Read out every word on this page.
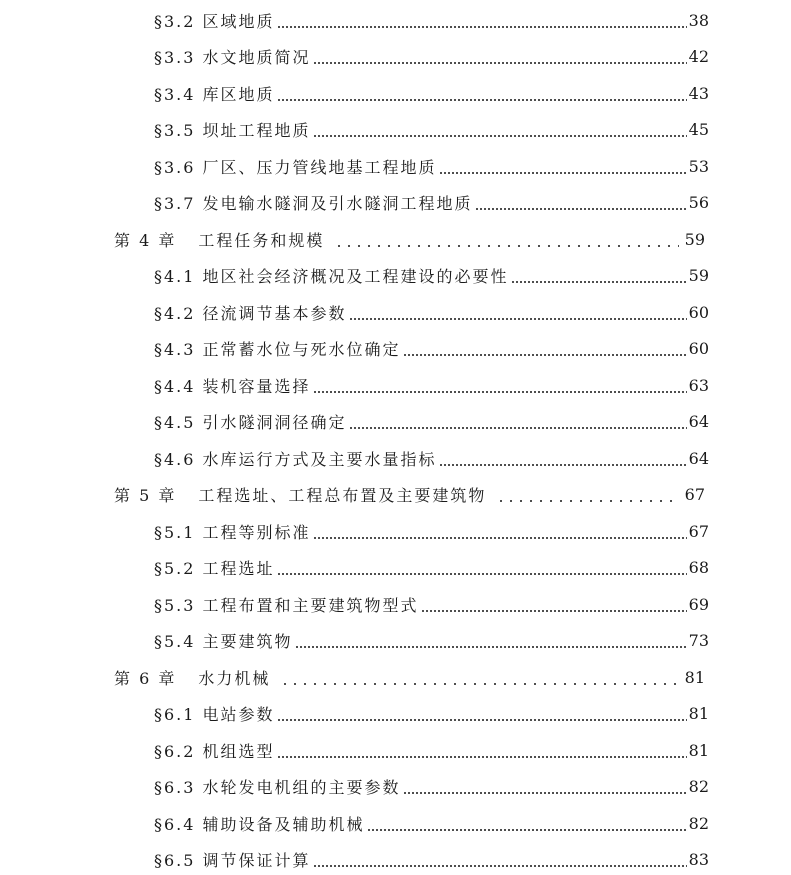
§3.2 区域地质	38
§3.3 水文地质简况	42
§3.4 库区地质	43
§3.5 坝址工程地质	45
§3.6 厂区、压力管线地基工程地质	53
§3.7 发电输水隧洞及引水隧洞工程地质	56
第 4 章 工程任务和规模	59
§4.1 地区社会经济概况及工程建设的必要性	59
§4.2 径流调节基本参数	60
§4.3 正常蓄水位与死水位确定	60
§4.4 装机容量选择	63
§4.5 引水隧洞洞径确定	64
§4.6 水库运行方式及主要水量指标	64
第 5 章 工程选址、工程总布置及主要建筑物	67
§5.1 工程等别标准	67
§5.2 工程选址	68
§5.3 工程布置和主要建筑物型式	69
§5.4 主要建筑物	73
第 6 章 水力机械	81
§6.1 电站参数	81
§6.2 机组选型	81
§6.3 水轮发电机组的主要参数	82
§6.4 辅助设备及辅助机械	82
§6.5 调节保证计算	83
